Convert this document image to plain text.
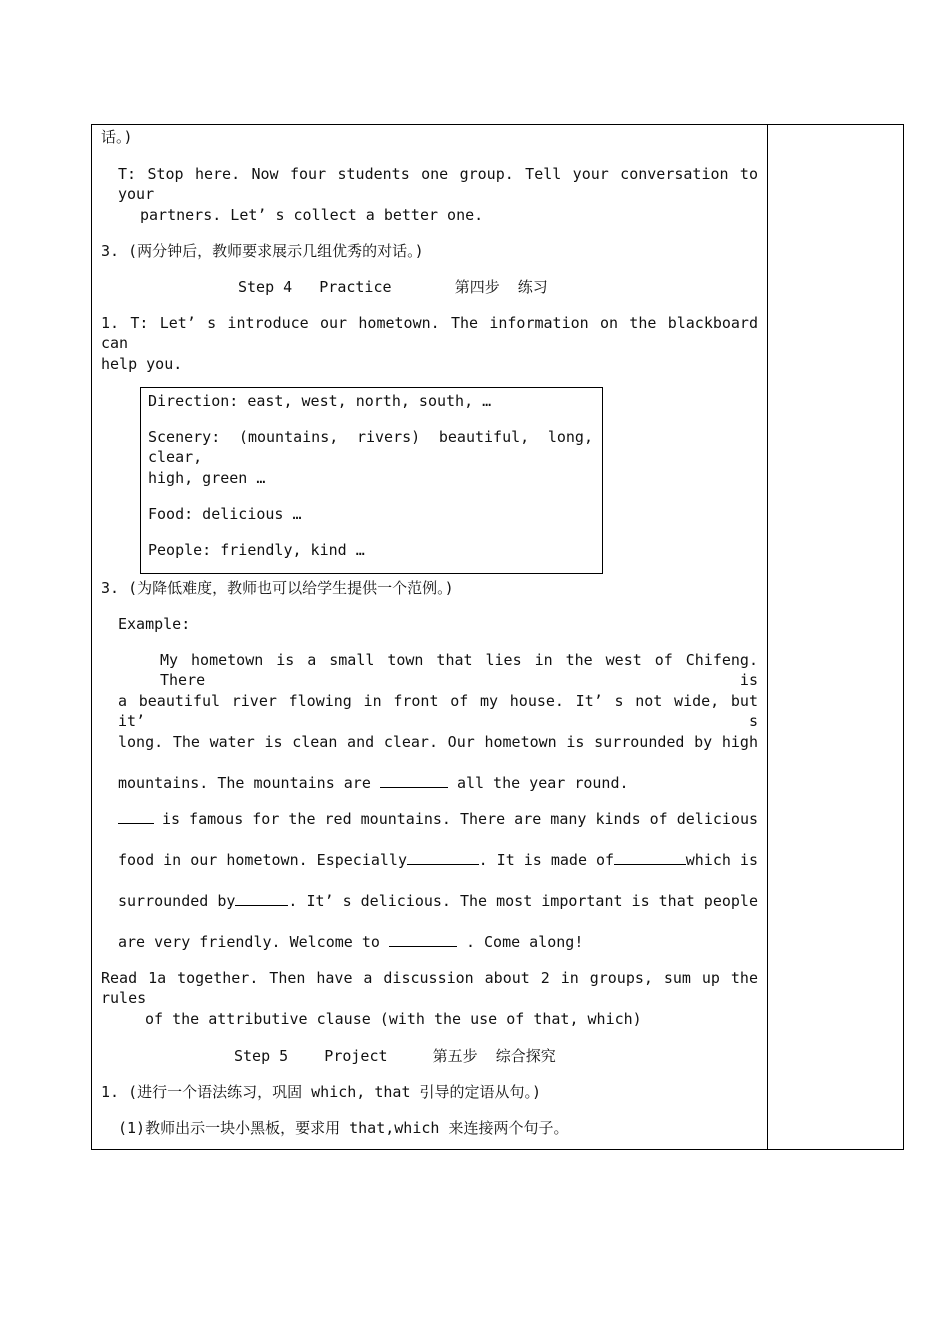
话。)
T: Stop here. Now four students one group. Tell your conversation to your
partners. Let’ s collect a better one.
3. (两分钟后，教师要求展示几组优秀的对话。)
Step 4   Practice       第四步  练习
1. T: Let’ s introduce our hometown. The information on the blackboard can
help you.
Direction: east, west, north, south, …
Scenery: (mountains, rivers) beautiful, long, clear,
high, green …
Food: delicious …
People: friendly, kind …
3. (为降低难度，教师也可以给学生提供一个范例。)
Example:
My hometown is a small town that lies in the west of Chifeng. There is
a beautiful river flowing in front of my house. It’ s not wide, but it’ s
long. The water is clean and clear. Our hometown is surrounded by high
mountains. The mountains are	all the year round.
is famous for the red mountains. There are many kinds of delicious
food in our hometown. Especially	. It is made of	which is
surrounded by	. It’ s delicious. The most important is that people
are very friendly. Welcome to	. Come along!
Read 1a together. Then have a discussion about 2 in groups, sum up the rules
of the attributive clause (with the use of that, which)
Step 5    Project     第五步  综合探究
1. (进行一个语法练习，巩固 which, that 引导的定语从句。)
(1)教师出示一块小黑板，要求用 that,which 来连接两个句子。
